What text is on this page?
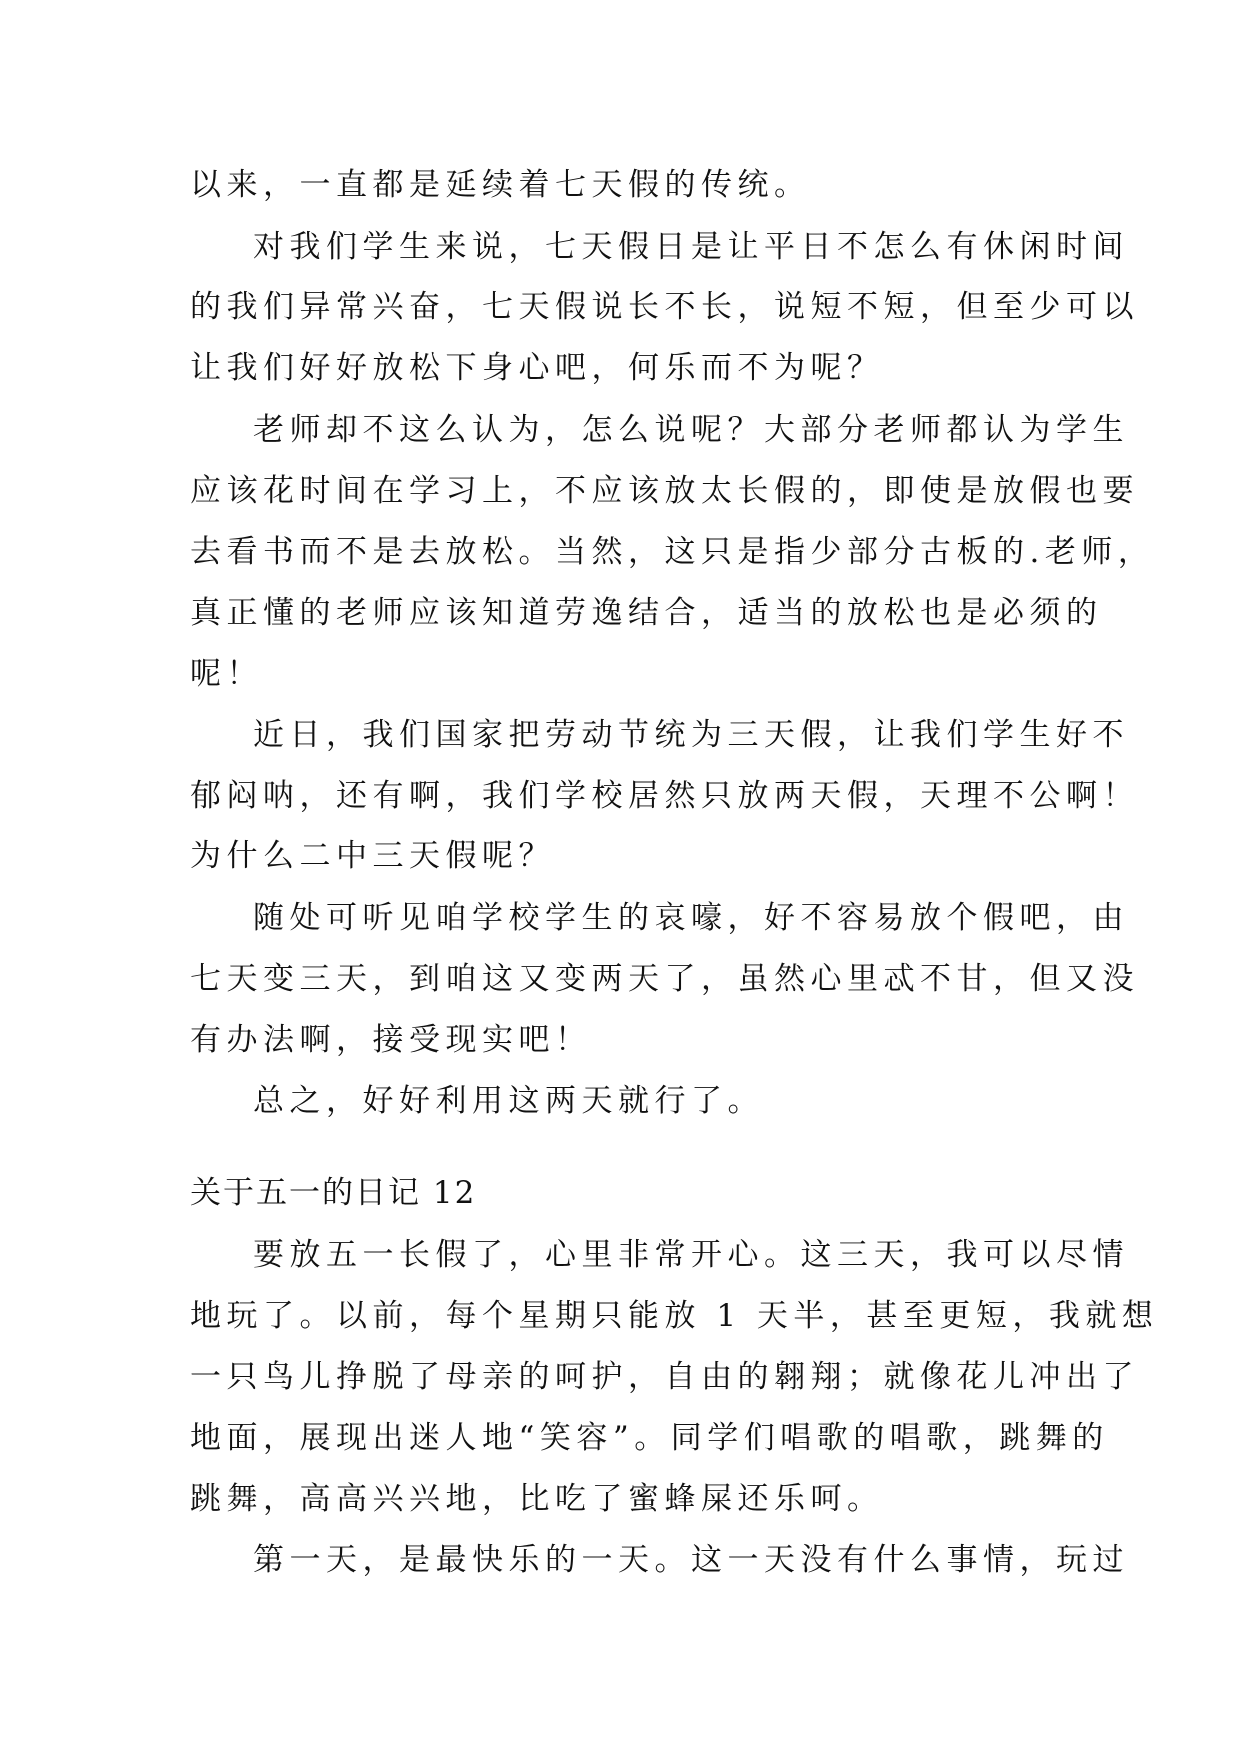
以来，一直都是延续着七天假的传统。
对我们学生来说，七天假日是让平日不怎么有休闲时间
的我们异常兴奋，七天假说长不长，说短不短，但至少可以
让我们好好放松下身心吧，何乐而不为呢？
老师却不这么认为，怎么说呢？大部分老师都认为学生
应该花时间在学习上，不应该放太长假的，即使是放假也要
去看书而不是去放松。当然，这只是指少部分古板的.老师，
真正懂的老师应该知道劳逸结合，适当的放松也是必须的
呢！
近日，我们国家把劳动节统为三天假，让我们学生好不
郁闷呐，还有啊，我们学校居然只放两天假，天理不公啊！
为什么二中三天假呢？
随处可听见咱学校学生的哀嚎，好不容易放个假吧，由
七天变三天，到咱这又变两天了，虽然心里忒不甘，但又没
有办法啊，接受现实吧！
总之，好好利用这两天就行了。
关于五一的日记 12
要放五一长假了，心里非常开心。这三天，我可以尽情
地玩了。以前，每个星期只能放 1 天半，甚至更短，我就想
一只鸟儿挣脱了母亲的呵护，自由的翱翔；就像花儿冲出了
地面，展现出迷人地“笑容”。同学们唱歌的唱歌，跳舞的
跳舞，高高兴兴地，比吃了蜜蜂屎还乐呵。
第一天，是最快乐的一天。这一天没有什么事情，玩过
